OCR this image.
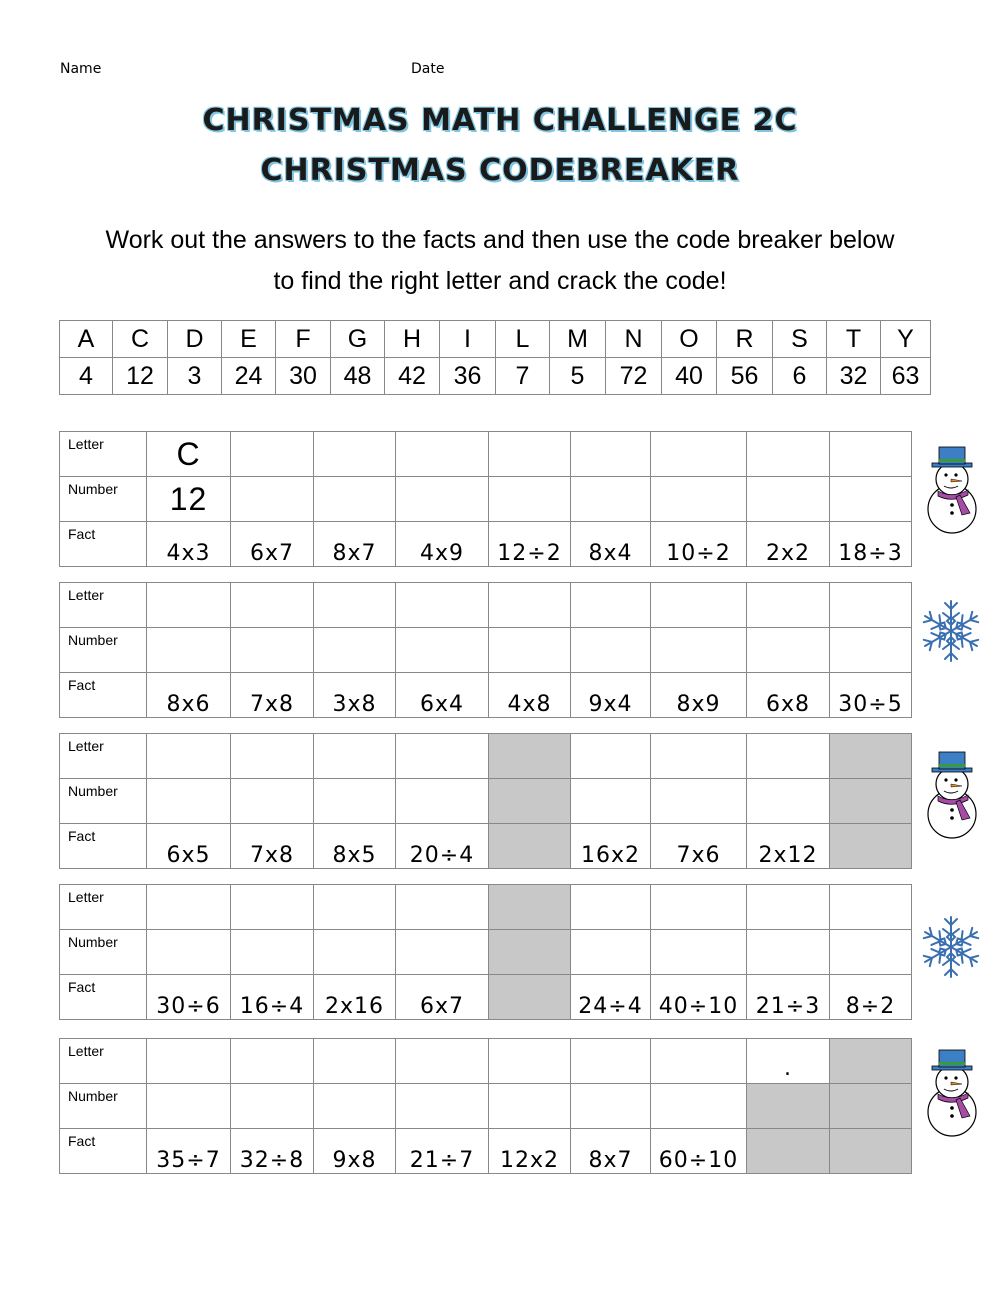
Name	Date
CHRISTMAS MATH CHALLENGE 2C
CHRISTMAS CODEBREAKER
Work out the answers to the facts and then use the code breaker below
to find the right letter and crack the code!
A	C	D	E	F	G	H	I	L	M	N	O	R	S	T	Y
4	12	3	24	30	48	42	36	7	5	72	40	56	6	32	63
Letter	C								
Number	12								
Fact	4x3	6x7	8x7	4x9	12÷2	8x4	10÷2	2x2	18÷3
Letter									
Number									
Fact	8x6	7x8	3x8	6x4	4x8	9x4	8x9	6x8	30÷5
Letter									
Number									
Fact	6x5	7x8	8x5	20÷4		16x2	7x6	2x12	
Letter									
Number									
Fact	30÷6	16÷4	2x16	6x7		24÷4	40÷10	21÷3	8÷2
Letter								.	

Number									
Fact	35÷7	32÷8	9x8	21÷7	12x2	8x7	60÷10		
